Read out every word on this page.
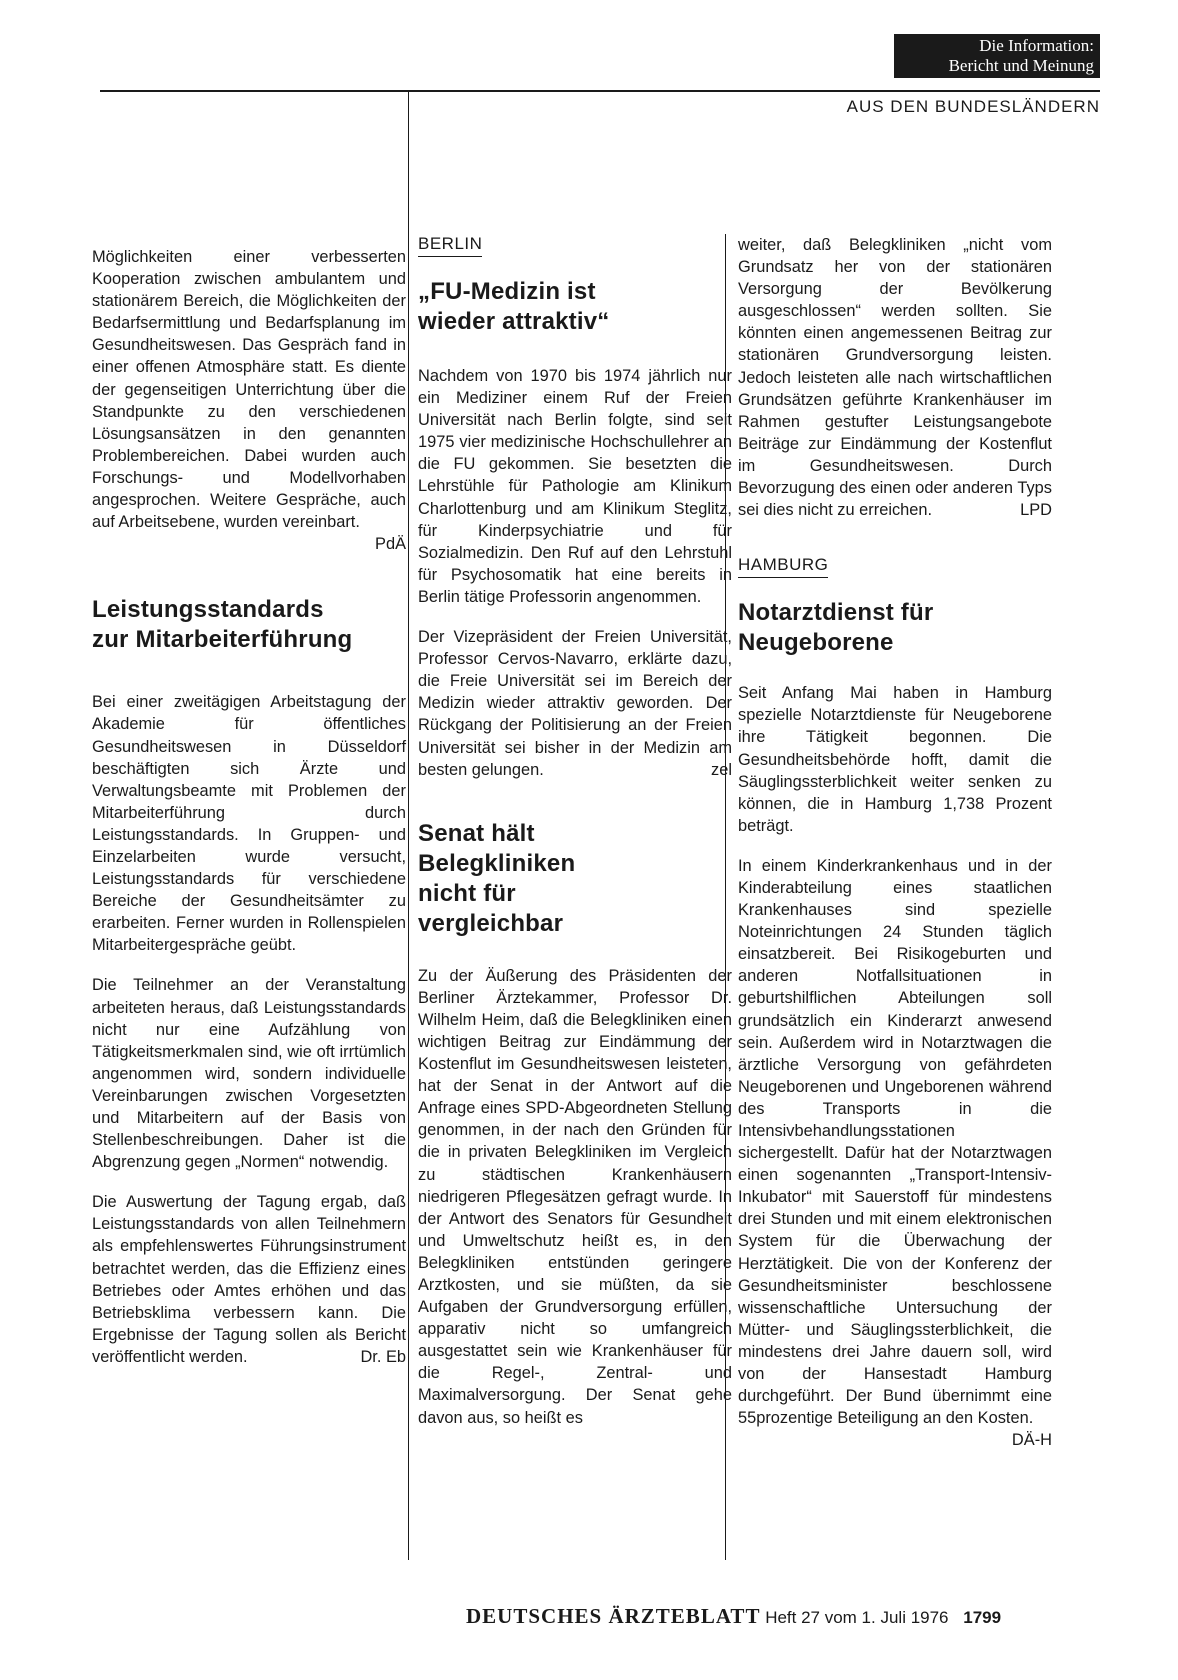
Die Information:
Bericht und Meinung
AUS DEN BUNDESLÄNDERN

Möglichkeiten einer verbesserten Kooperation zwischen ambulantem und stationärem Bereich, die Möglichkeiten der Bedarfsermittlung und Bedarfsplanung im Gesundheitswesen. Das Gespräch fand in einer offenen Atmosphäre statt. Es diente der gegenseitigen Unterrichtung über die Standpunkte zu den verschiedenen Lösungsansätzen in den genannten Problembereichen. Dabei wurden auch Forschungs- und Modellvorhaben angesprochen. Weitere Gespräche, auch auf Arbeitsebene, wurden vereinbart.
PdÄ

Leistungsstandards zur Mitarbeiterführung

Bei einer zweitägigen Arbeitstagung der Akademie für öffentliches Gesundheitswesen in Düsseldorf beschäftigten sich Ärzte und Verwaltungsbeamte mit Problemen der Mitarbeiterführung durch Leistungsstandards. In Gruppen- und Einzelarbeiten wurde versucht, Leistungsstandards für verschiedene Bereiche der Gesundheitsämter zu erarbeiten. Ferner wurden in Rollenspielen Mitarbeitergespräche geübt.

Die Teilnehmer an der Veranstaltung arbeiteten heraus, daß Leistungsstandards nicht nur eine Aufzählung von Tätigkeitsmerkmalen sind, wie oft irrtümlich angenommen wird, sondern individuelle Vereinbarungen zwischen Vorgesetzten und Mitarbeitern auf der Basis von Stellenbeschreibungen. Daher ist die Abgrenzung gegen „Normen“ notwendig.

Die Auswertung der Tagung ergab, daß Leistungsstandards von allen Teilnehmern als empfehlenswertes Führungsinstrument betrachtet werden, das die Effizienz eines Betriebes oder Amtes erhöhen und das Betriebsklima verbessern kann. Die Ergebnisse der Tagung sollen als Bericht veröffentlicht werden.	Dr. Eb

BERLIN
„FU-Medizin ist wieder attraktiv“

Nachdem von 1970 bis 1974 jährlich nur ein Mediziner einem Ruf der Freien Universität nach Berlin folgte, sind seit 1975 vier medizinische Hochschullehrer an die FU gekommen. Sie besetzten die Lehrstühle für Pathologie am Klinikum Charlottenburg und am Klinikum Steglitz, für Kinderpsychiatrie und für Sozialmedizin. Den Ruf auf den Lehrstuhl für Psychosomatik hat eine bereits in Berlin tätige Professorin angenommen.

Der Vizepräsident der Freien Universität, Professor Cervos-Navarro, erklärte dazu, die Freie Universität sei im Bereich der Medizin wieder attraktiv geworden. Der Rückgang der Politisierung an der Freien Universität sei bisher in der Medizin am besten gelungen.	zel

Senat hält Belegkliniken nicht für vergleichbar

Zu der Äußerung des Präsidenten der Berliner Ärztekammer, Professor Dr. Wilhelm Heim, daß die Belegkliniken einen wichtigen Beitrag zur Eindämmung der Kostenflut im Gesundheitswesen leisteten, hat der Senat in der Antwort auf die Anfrage eines SPD-Abgeordneten Stellung genommen, in der nach den Gründen für die in privaten Belegkliniken im Vergleich zu städtischen Krankenhäusern niedrigeren Pflegesätzen gefragt wurde. In der Antwort des Senators für Gesundheit und Umweltschutz heißt es, in den Belegkliniken entstünden geringere Arztkosten, und sie müßten, da sie Aufgaben der Grundversorgung erfüllen, apparativ nicht so umfangreich ausgestattet sein wie Krankenhäuser für die Regel-, Zentral- und Maximalversorgung. Der Senat gehe davon aus, so heißt es

weiter, daß Belegkliniken „nicht vom Grundsatz her von der stationären Versorgung der Bevölkerung ausgeschlossen“ werden sollten. Sie könnten einen angemessenen Beitrag zur stationären Grundversorgung leisten. Jedoch leisteten alle nach wirtschaftlichen Grundsätzen geführte Krankenhäuser im Rahmen gestufter Leistungsangebote Beiträge zur Eindämmung der Kostenflut im Gesundheitswesen. Durch Bevorzugung des einen oder anderen Typs sei dies nicht zu erreichen.	LPD

HAMBURG
Notarztdienst für Neugeborene

Seit Anfang Mai haben in Hamburg spezielle Notarztdienste für Neugeborene ihre Tätigkeit begonnen. Die Gesundheitsbehörde hofft, damit die Säuglingssterblichkeit weiter senken zu können, die in Hamburg 1,738 Prozent beträgt.

In einem Kinderkrankenhaus und in der Kinderabteilung eines staatlichen Krankenhauses sind spezielle Noteinrichtungen 24 Stunden täglich einsatzbereit. Bei Risikogeburten und anderen Notfallsituationen in geburtshilflichen Abteilungen soll grundsätzlich ein Kinderarzt anwesend sein. Außerdem wird in Notarztwagen die ärztliche Versorgung von gefährdeten Neugeborenen und Ungeborenen während des Transports in die Intensivbehandlungsstationen sichergestellt. Dafür hat der Notarztwagen einen sogenannten „Transport-Intensiv-Inkubator“ mit Sauerstoff für mindestens drei Stunden und mit einem elektronischen System für die Überwachung der Herztätigkeit. Die von der Konferenz der Gesundheitsminister beschlossene wissenschaftliche Untersuchung der Mütter- und Säuglingssterblichkeit, die mindestens drei Jahre dauern soll, wird von der Hansestadt Hamburg durchgeführt. Der Bund übernimmt eine 55prozentige Beteiligung an den Kosten.
DÄ-H

DEUTSCHES ÄRZTEBLATT Heft 27 vom 1. Juli 1976 1799
